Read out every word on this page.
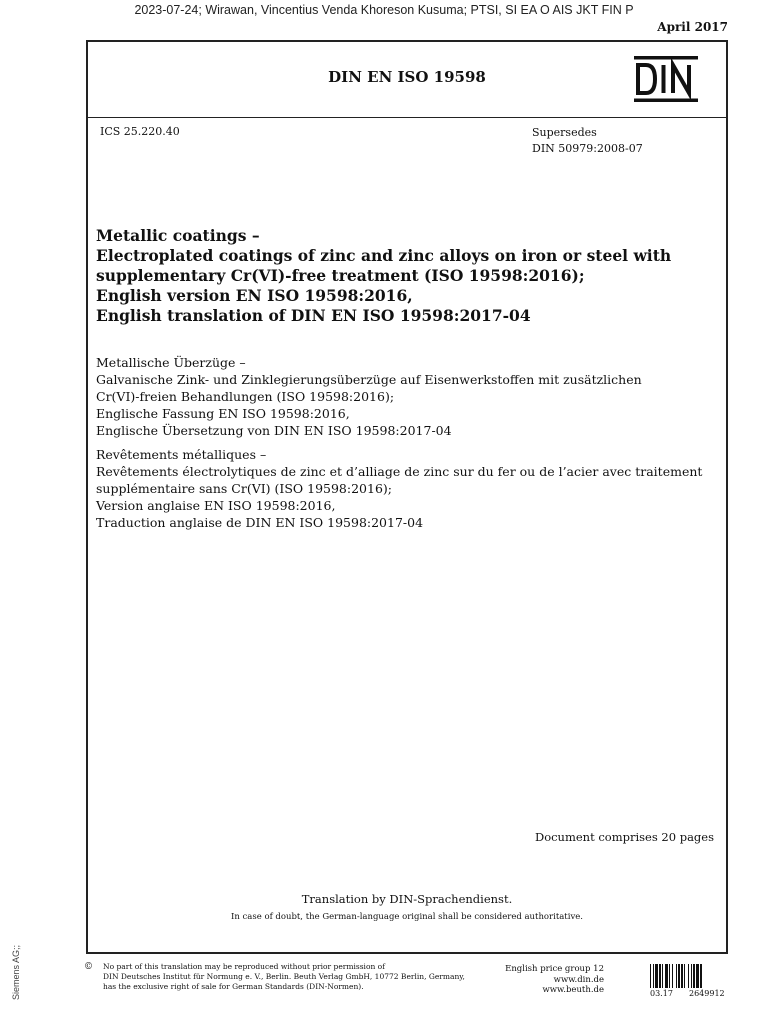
2023-07-24; Wirawan, Vincentius Venda Khoreson Kusuma; PTSI, SI EA O AIS JKT FIN P
April 2017
DIN EN ISO 19598
ICS 25.220.40	Supersedes
DIN 50979:2008-07
Metallic coatings –
Electroplated coatings of zinc and zinc alloys on iron or steel with
supplementary Cr(VI)-free treatment (ISO 19598:2016);
English version EN ISO 19598:2016,
English translation of DIN EN ISO 19598:2017-04
Metallische Überzüge –
Galvanische Zink- und Zinklegierungsüberzüge auf Eisenwerkstoffen mit zusätzlichen
Cr(VI)-freien Behandlungen (ISO 19598:2016);
Englische Fassung EN ISO 19598:2016,
Englische Übersetzung von DIN EN ISO 19598:2017-04
Revêtements métalliques –
Revêtements électrolytiques de zinc et d’alliage de zinc sur du fer ou de l’acier avec traitement
supplémentaire sans Cr(VI) (ISO 19598:2016);
Version anglaise EN ISO 19598:2016,
Traduction anglaise de DIN EN ISO 19598:2017-04
Document comprises 20 pages
Translation by DIN-Sprachendienst.
In case of doubt, the German-language original shall be considered authoritative.
© No part of this translation may be reproduced without prior permission of
DIN Deutsches Institut für Normung e. V., Berlin. Beuth Verlag GmbH, 10772 Berlin, Germany,
has the exclusive right of sale for German Standards (DIN-Normen).
English price group 12
www.din.de
www.beuth.de	03.17 2649912
Siemens AG;;
